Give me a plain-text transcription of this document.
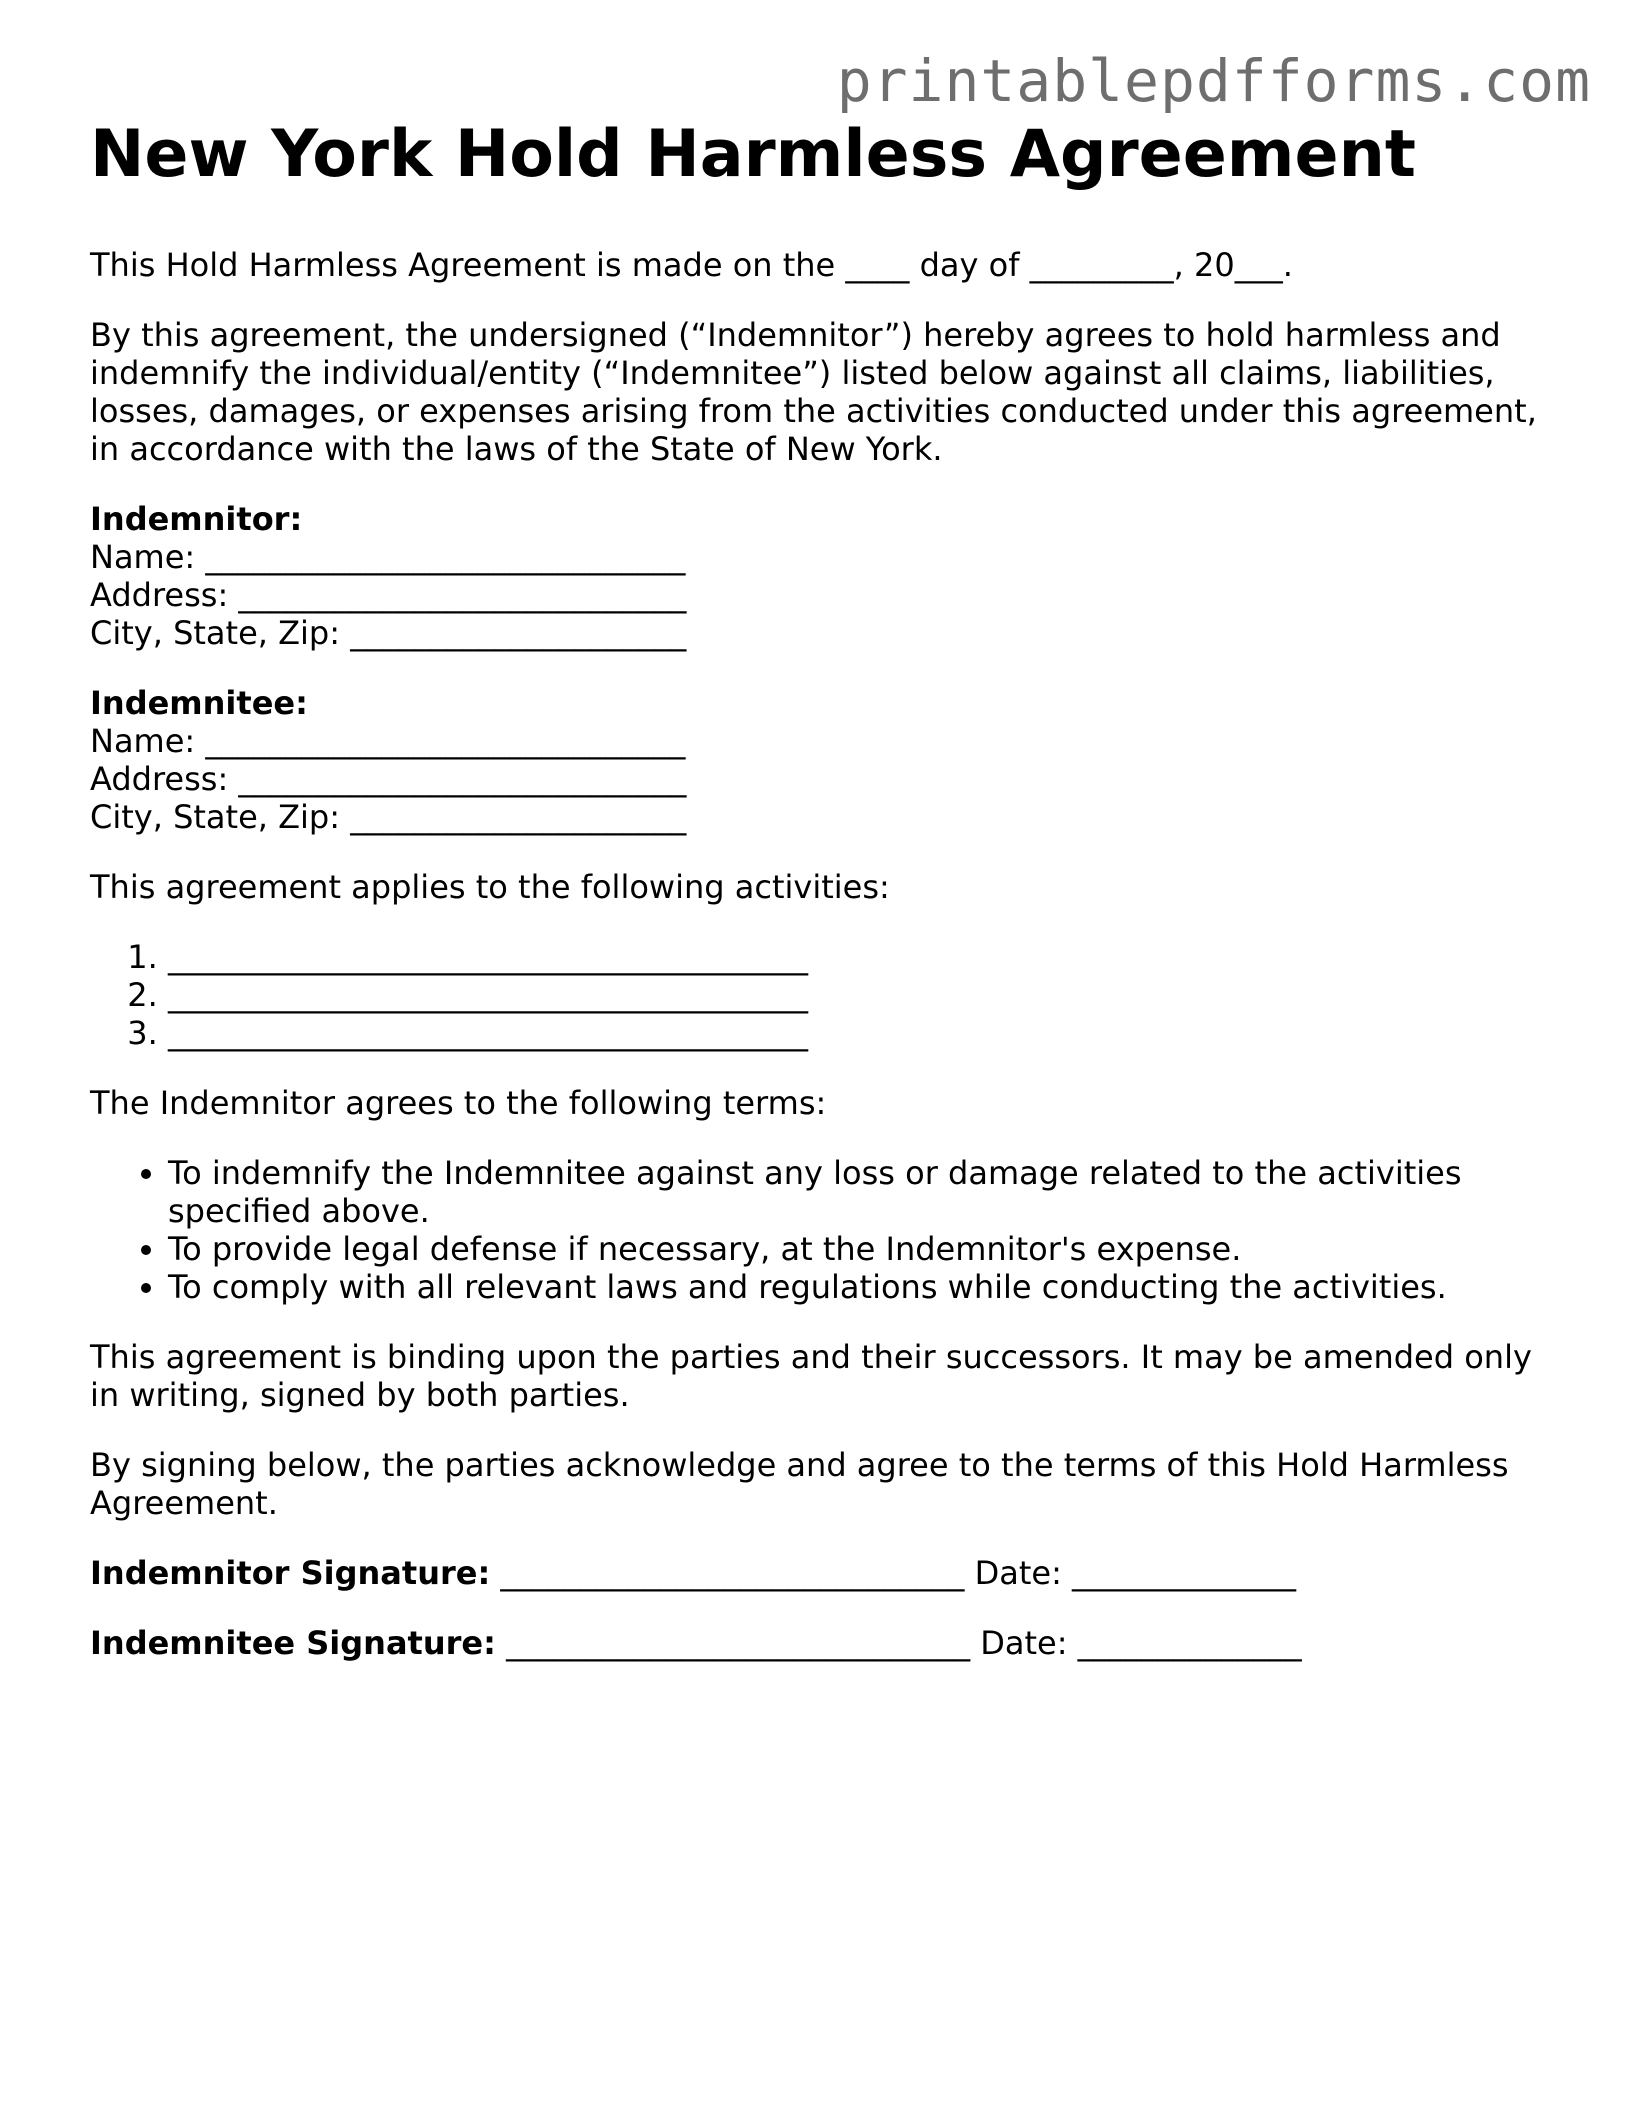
printablepdfforms.com
New York Hold Harmless Agreement

This Hold Harmless Agreement is made on the ____ day of _________, 20___.

By this agreement, the undersigned (“Indemnitor”) hereby agrees to hold harmless and indemnify the individual/entity (“Indemnitee”) listed below against all claims, liabilities, losses, damages, or expenses arising from the activities conducted under this agreement, in accordance with the laws of the State of New York.

Indemnitor:
Name: ______________________________
Address: ____________________________
City, State, Zip: _____________________
Indemnitee:
Name: ______________________________
Address: ____________________________
City, State, Zip: _____________________

This agreement applies to the following activities:

1. ________________________________________
2. ________________________________________
3. ________________________________________

The Indemnitor agrees to the following terms:

• To indemnify the Indemnitee against any loss or damage related to the activities specified above.
• To provide legal defense if necessary, at the Indemnitor's expense.
• To comply with all relevant laws and regulations while conducting the activities.

This agreement is binding upon the parties and their successors. It may be amended only in writing, signed by both parties.

By signing below, the parties acknowledge and agree to the terms of this Hold Harmless Agreement.

Indemnitor Signature: _____________________________ Date: ______________
Indemnitee Signature: _____________________________ Date: ______________
